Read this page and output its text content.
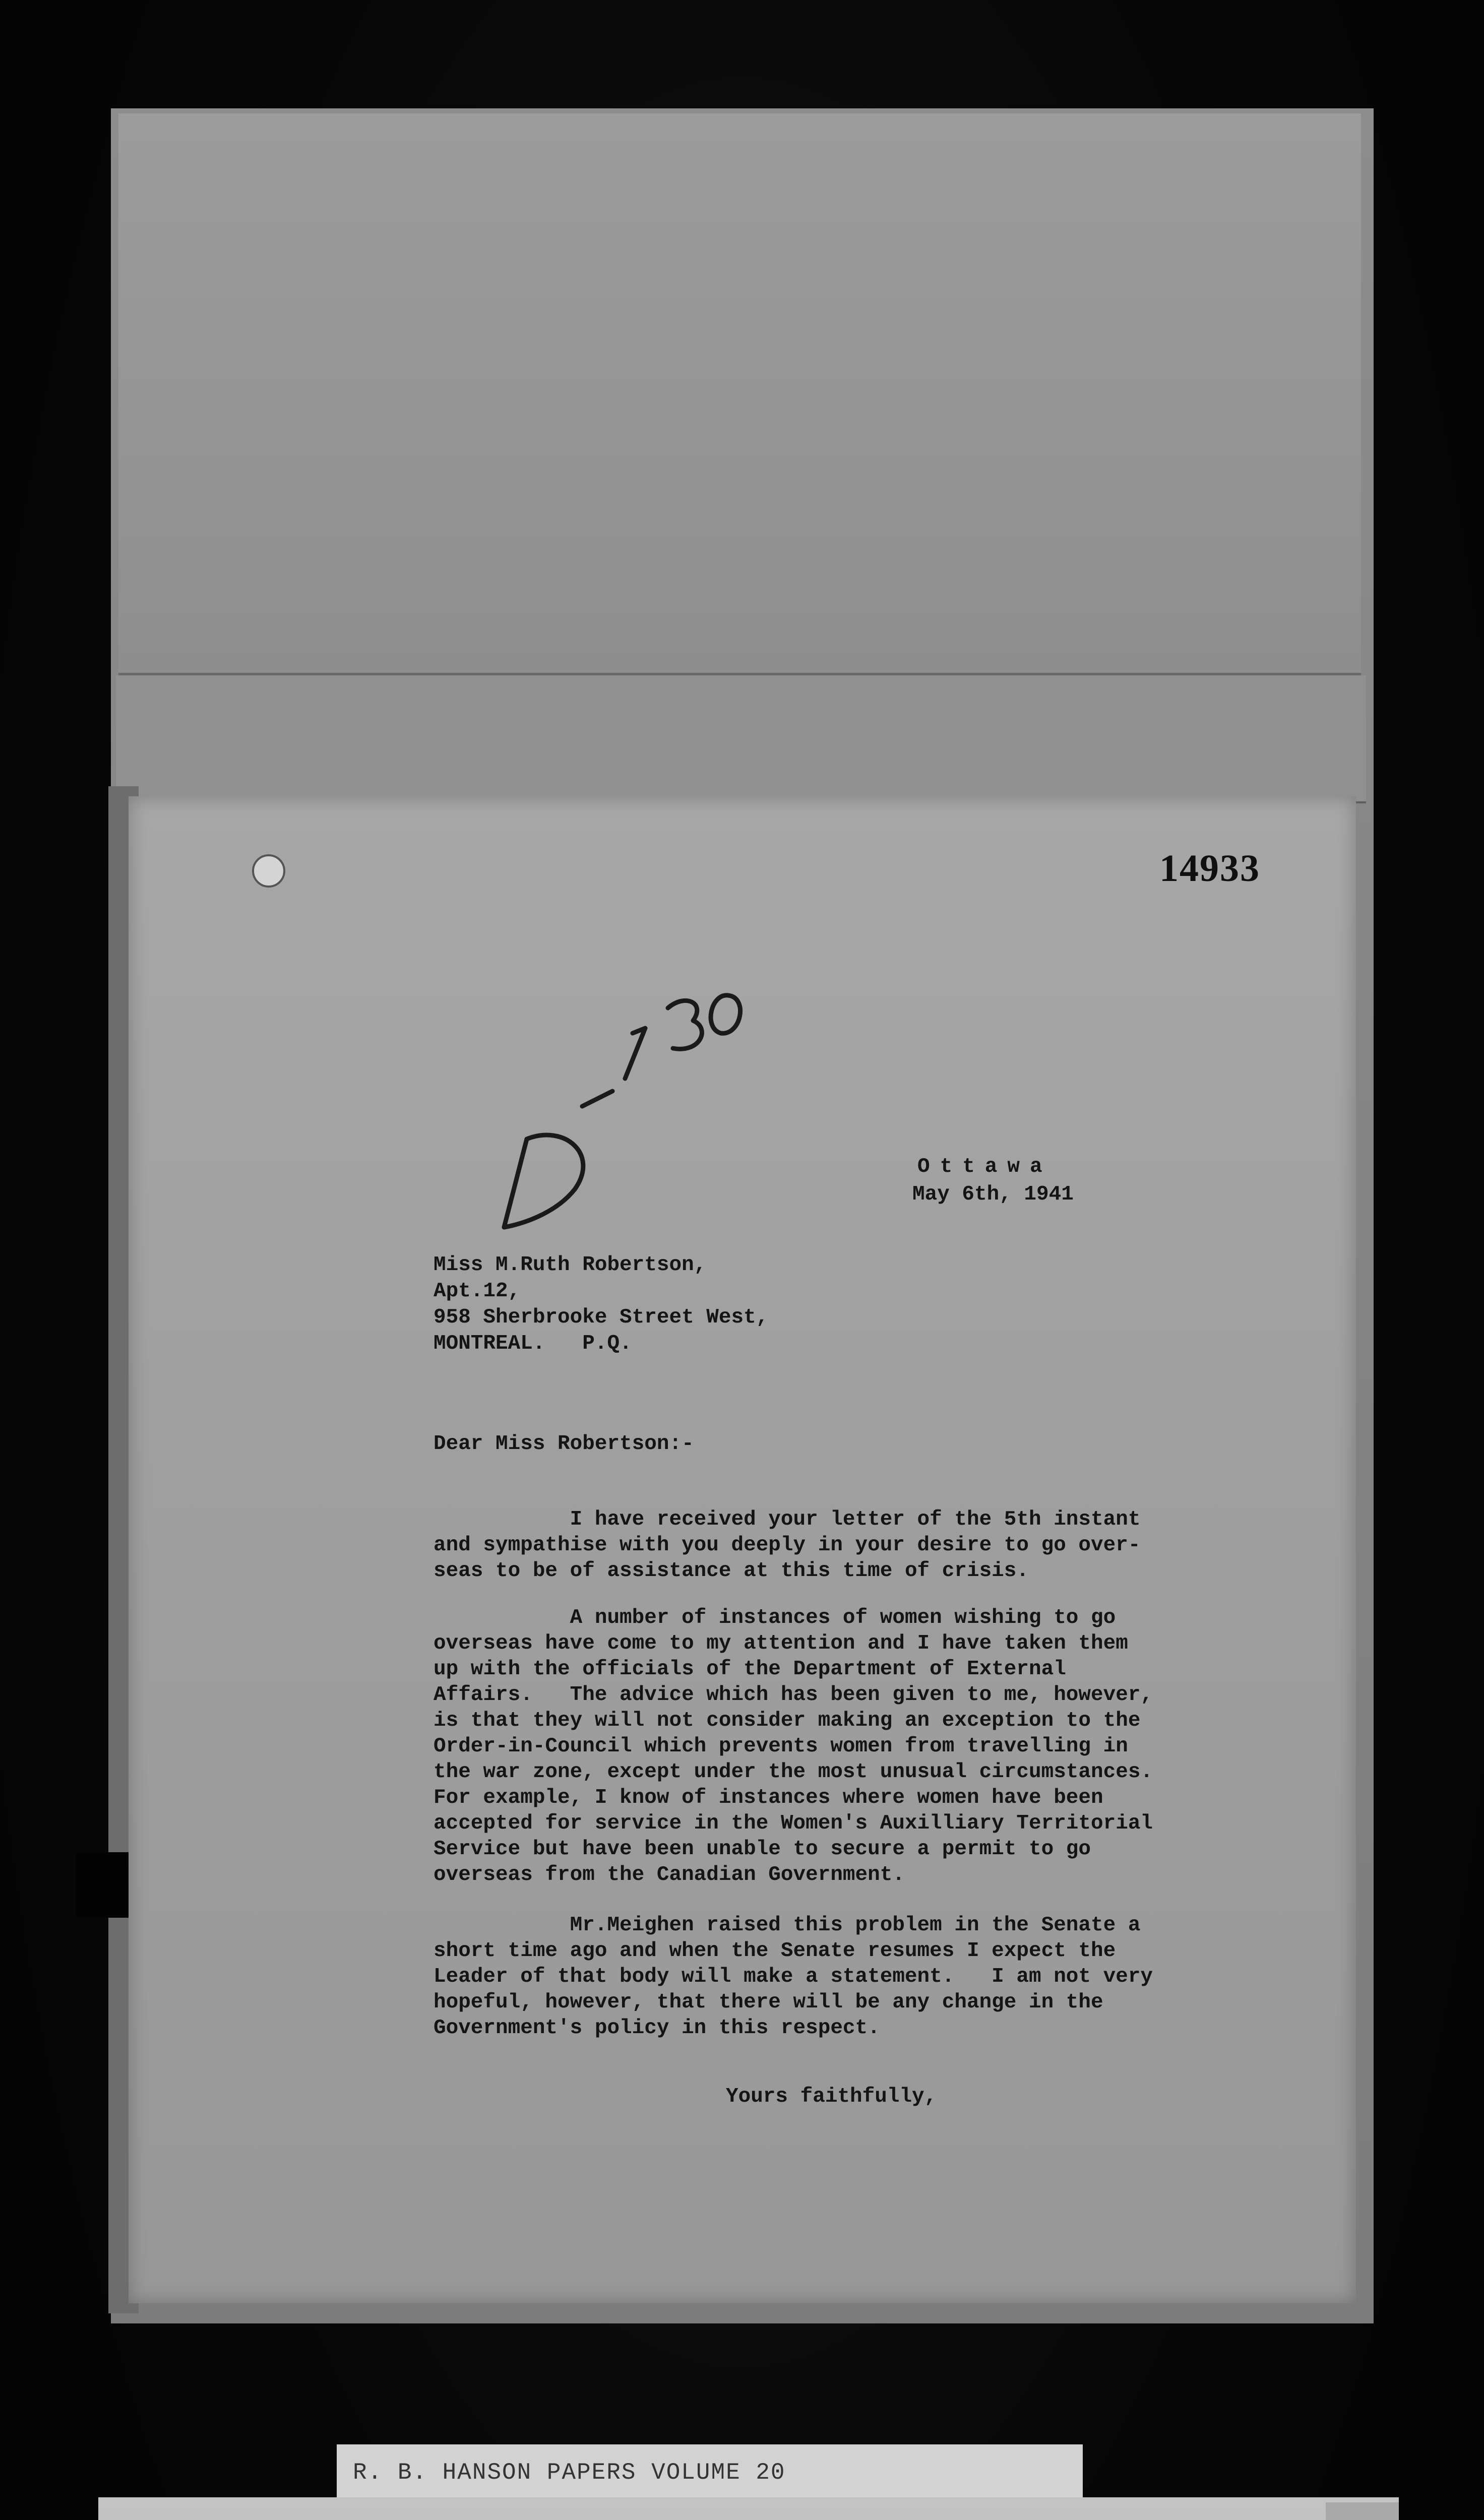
14933
Ottawa
May 6th, 1941
Miss M.Ruth Robertson,
Apt.12,
958 Sherbrooke Street West,
MONTREAL.   P.Q.
Dear Miss Robertson:-
I have received your letter of the 5th instant
and sympathise with you deeply in your desire to go over-
seas to be of assistance at this time of crisis.
A number of instances of women wishing to go
overseas have come to my attention and I have taken them
up with the officials of the Department of External
Affairs.   The advice which has been given to me, however,
is that they will not consider making an exception to the
Order-in-Council which prevents women from travelling in
the war zone, except under the most unusual circumstances.
For example, I know of instances where women have been
accepted for service in the Women's Auxilliary Territorial
Service but have been unable to secure a permit to go
overseas from the Canadian Government.
Mr.Meighen raised this problem in the Senate a
short time ago and when the Senate resumes I expect the
Leader of that body will make a statement.   I am not very
hopeful, however, that there will be any change in the
Government's policy in this respect.
Yours faithfully,
R. B. HANSON PAPERS VOLUME 20
